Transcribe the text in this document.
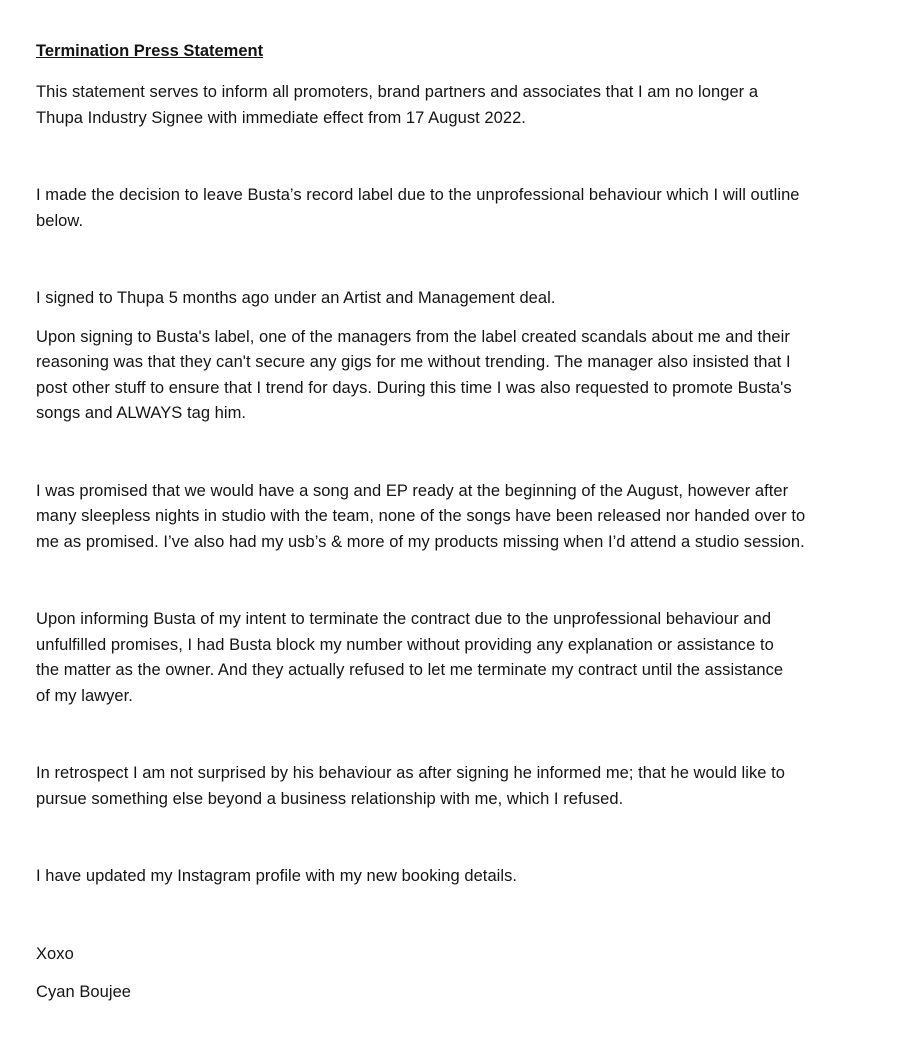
Termination Press Statement

This statement serves to inform all promoters, brand partners and associates that I am no longer a
Thupa Industry Signee with immediate effect from 17 August 2022.

I made the decision to leave Busta’s record label due to the unprofessional behaviour which I will outline
below.

I signed to Thupa 5 months ago under an Artist and Management deal.

Upon signing to Busta's label, one of the managers from the label created scandals about me and their
reasoning was that they can't secure any gigs for me without trending. The manager also insisted that I
post other stuff to ensure that I trend for days. During this time I was also requested to promote Busta's
songs and ALWAYS tag him.

I was promised that we would have a song and EP ready at the beginning of the August, however after
many sleepless nights in studio with the team, none of the songs have been released nor handed over to
me as promised. I’ve also had my usb’s & more of my products missing when I’d attend a studio session.

Upon informing Busta of my intent to terminate the contract due to the unprofessional behaviour and
unfulfilled promises, I had Busta block my number without providing any explanation or assistance to
the matter as the owner. And they actually refused to let me terminate my contract until the assistance
of my lawyer.

In retrospect I am not surprised by his behaviour as after signing he informed me; that he would like to
pursue something else beyond a business relationship with me, which I refused.

I have updated my Instagram profile with my new booking details.

Xoxo

Cyan Boujee
